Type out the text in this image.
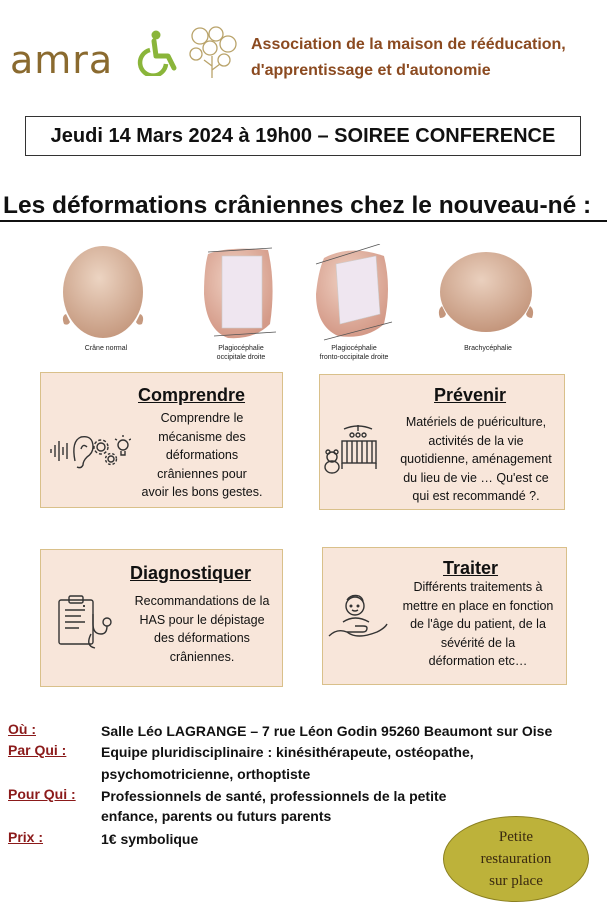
amra	Association de la maison de rééducation,
d'apprentissage et d'autonomie
Jeudi 14 Mars 2024 à 19h00 – SOIREE CONFERENCE
Les déformations crâniennes chez le nouveau-né :
Crâne normal	Plagiocéphalie
occipitale droite
Plagiocéphalie
fronto-occipitale droite
Brachycéphalie
Comprendre
Comprendre le
mécanisme des
déformations
crâniennes pour
avoir les bons gestes.
Prévenir
Matériels de puériculture,
activités de la vie
quotidienne, aménagement
du lieu de vie … Qu'est ce
qui est recommandé ?.
Diagnostiquer
Recommandations de la
HAS pour le dépistage
des déformations
crâniennes.
Traiter
Différents traitements à
mettre en place en fonction
de l'âge du patient, de la
sévérité de la
déformation etc…
Où :	Salle Léo LAGRANGE – 7 rue Léon Godin 95260 Beaumont sur Oise
Par Qui : Equipe pluridisciplinaire : kinésithérapeute, ostéopathe,
psychomotricienne, orthoptiste
Pour Qui : Professionnels de santé, professionnels de la petite
enfance, parents ou futurs parents
Prix :	1€ symbolique	Petite
restauration
sur place
